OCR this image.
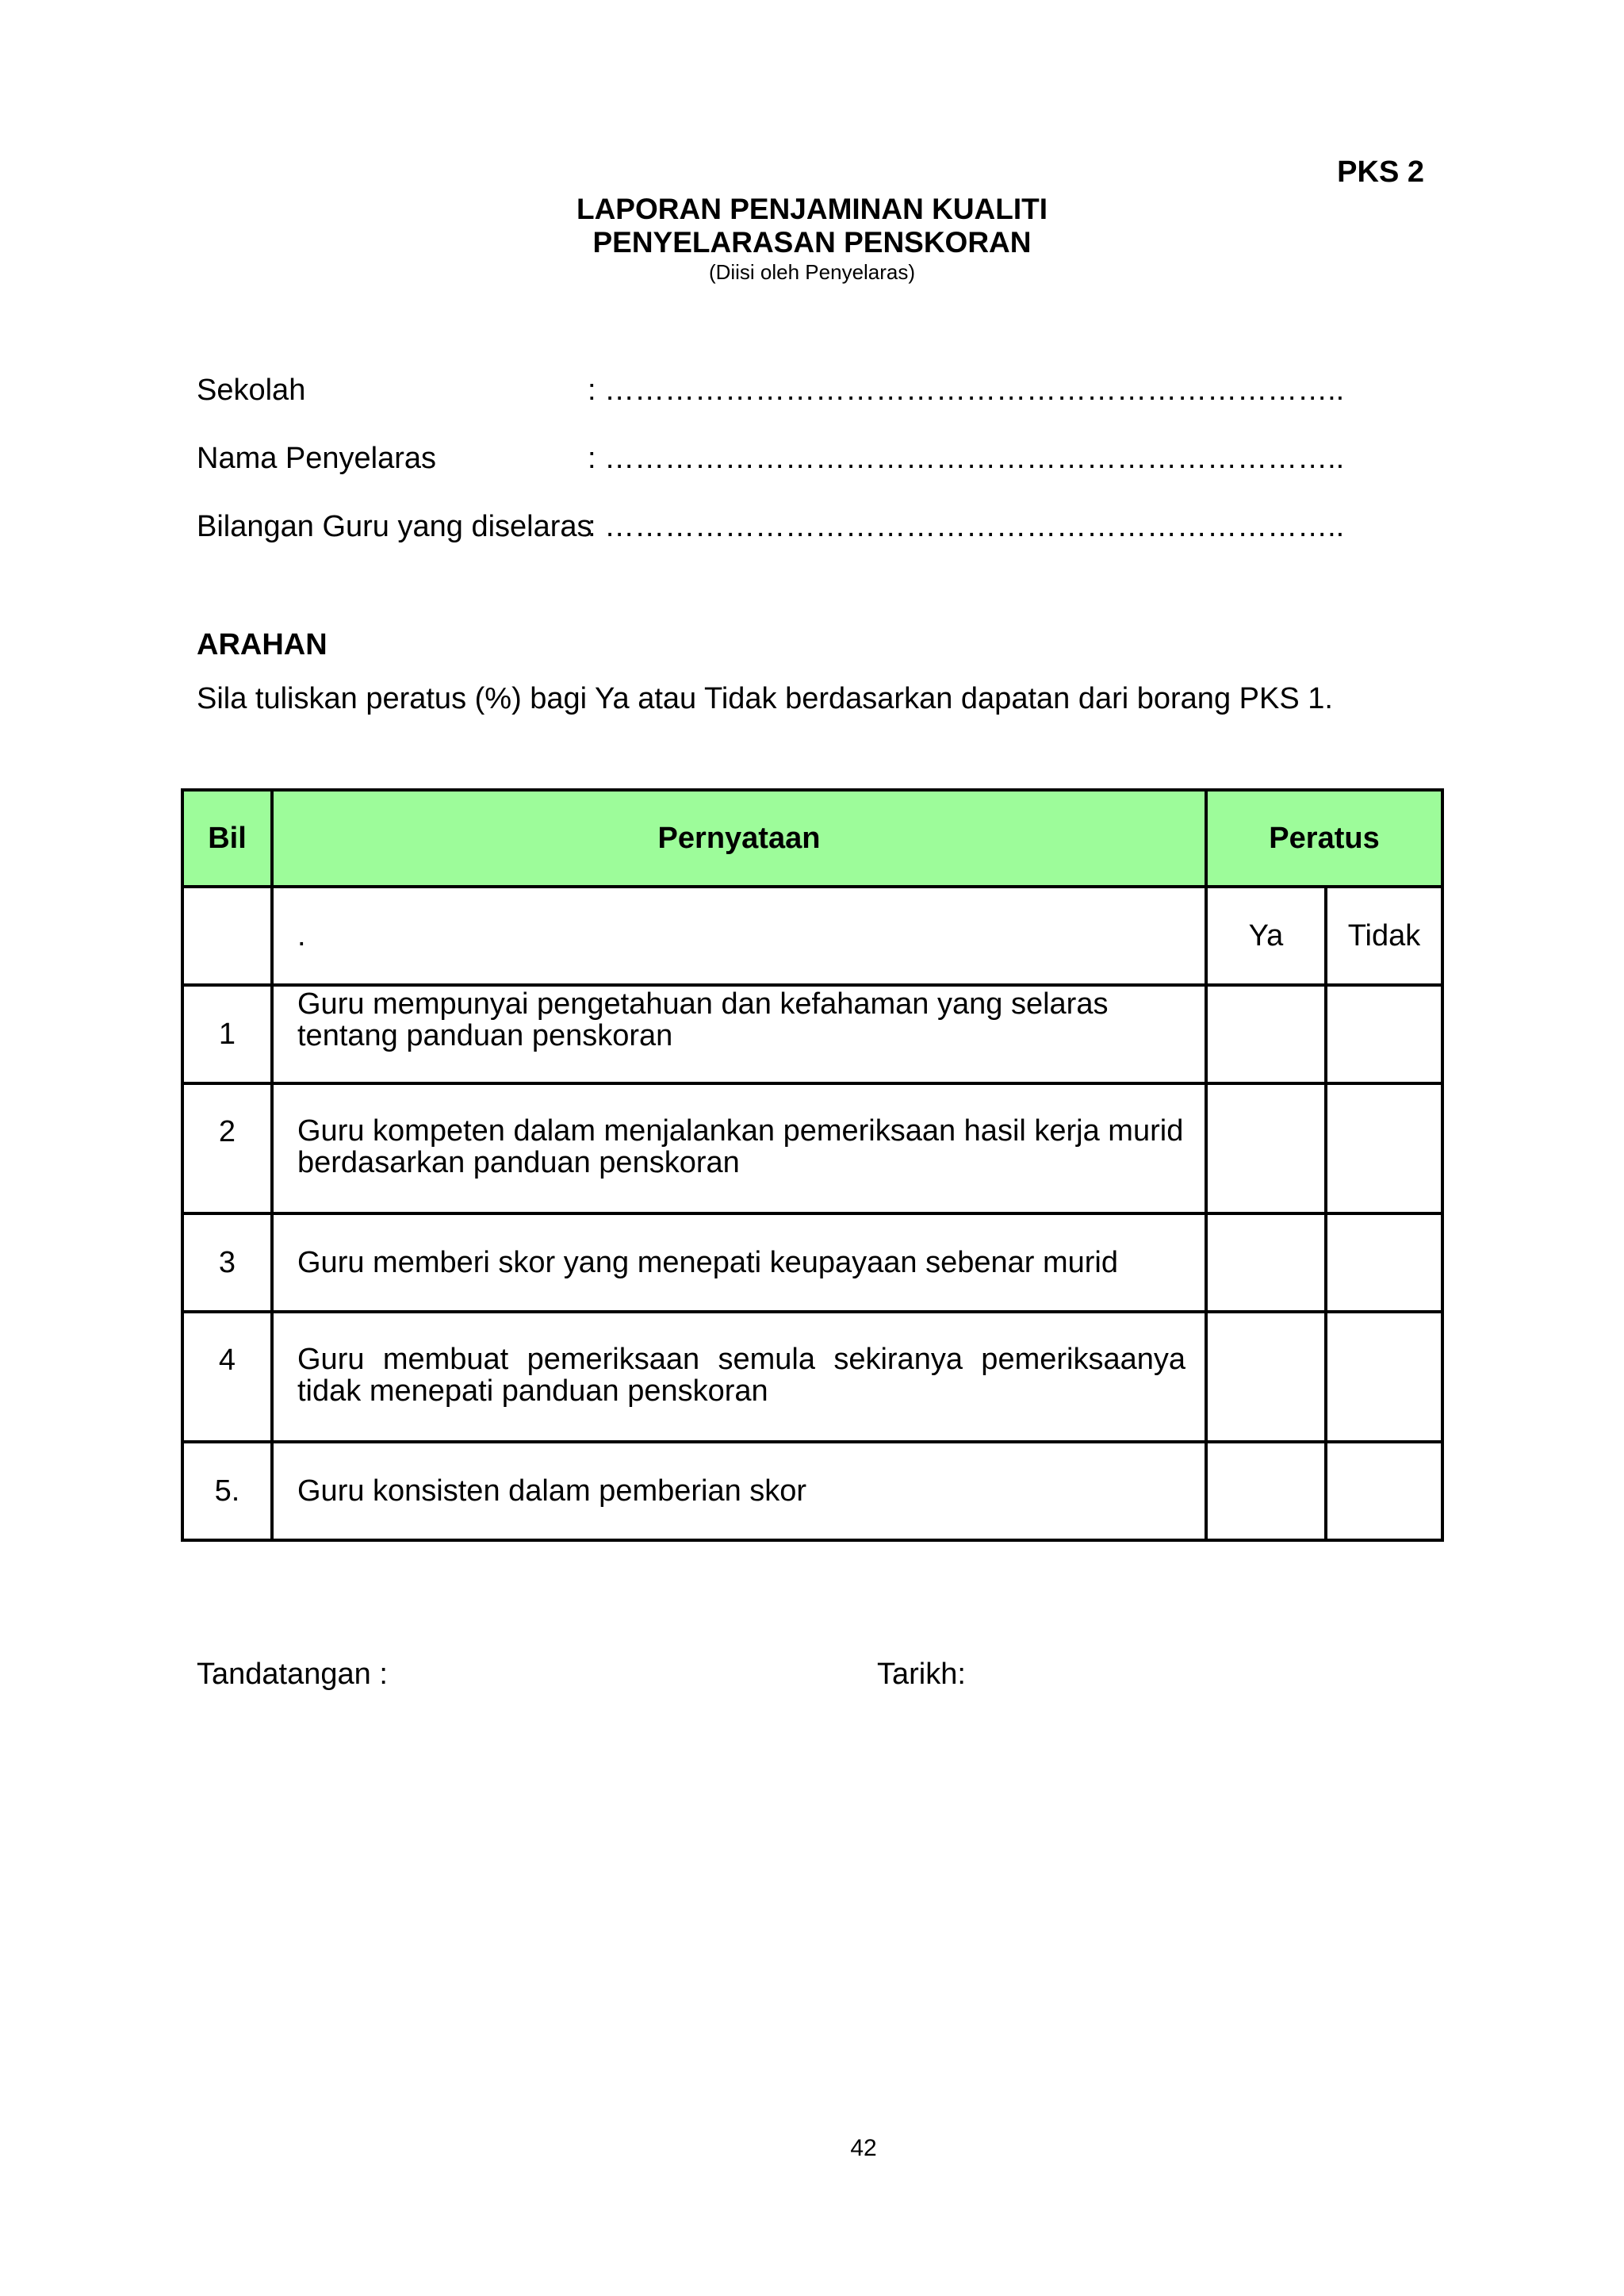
PKS 2
LAPORAN PENJAMINAN KUALITI
PENYELARASAN PENSKORAN
(Diisi oleh Penyelaras)
Sekolah	: ………………………………………………………………..
Nama Penyelaras	: ………………………………………………………………..
Bilangan Guru yang diselaras
: ………………………………………………………………..
ARAHAN
Sila tuliskan peratus (%) bagi Ya atau Tidak berdasarkan dapatan dari borang PKS 1.
Bil	Pernyataan	Peratus	
	.	Ya	Tidak
1	Guru mempunyai pengetahuan dan kefahaman yang selaras tentang panduan penskoran		
2	Guru kompeten dalam menjalankan pemeriksaan hasil kerja murid berdasarkan panduan penskoran		
3	Guru memberi skor yang menepati keupayaan sebenar murid		
4	Guru membuat pemeriksaan semula sekiranya pemeriksaanya tidak menepati panduan penskoran		
5.	Guru konsisten dalam pemberian skor		
Tandatangan :	Tarikh:
42
